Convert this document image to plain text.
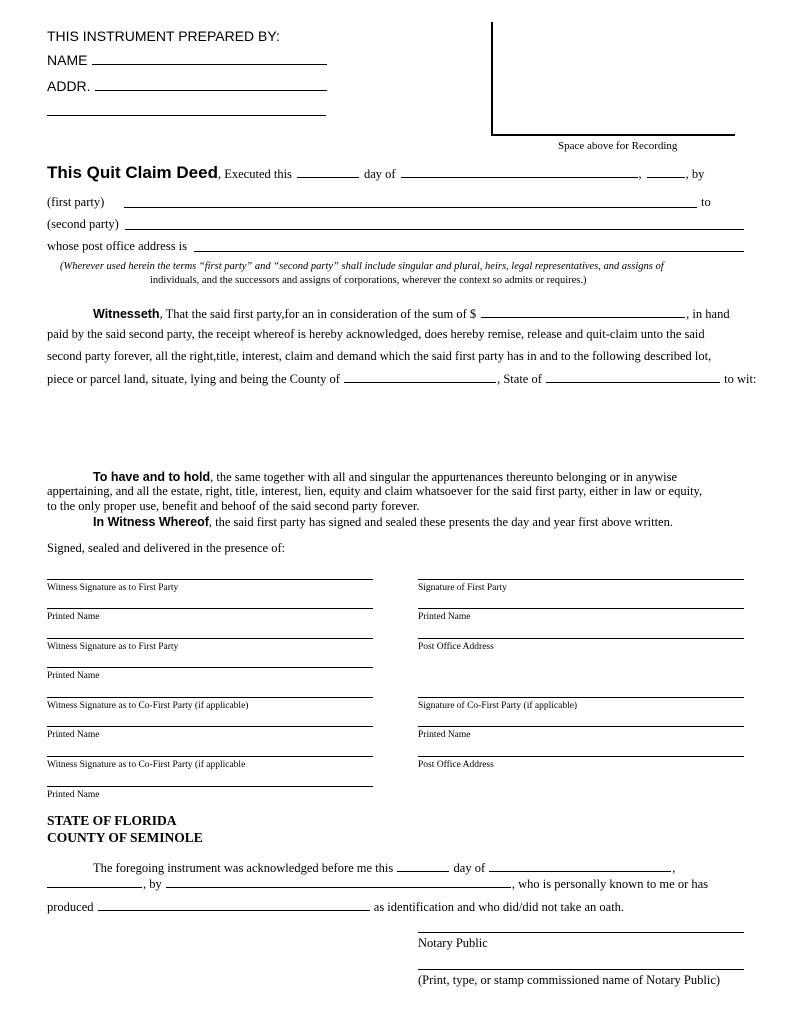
THIS INSTRUMENT PREPARED BY:
NAME
ADDR.
Space above for Recording
This Quit Claim Deed, Executed this	day of	,	, by
(first party)	to
(second party)
whose post office address is
(Wherever used herein the terms “first party” and “second party” shall include singular and plural, heirs, legal representatives, and assigns of
individuals, and the successors and assigns of corporations, wherever the context so admits or requires.)
Witnesseth, That the said first party,for an in consideration of the sum of $	, in hand
paid by the said second party, the receipt whereof is hereby acknowledged, does hereby remise, release and quit-claim unto the said
second party forever, all the right,title, interest, claim and demand which the said first party has in and to the following described lot,
piece or parcel land, situate, lying and being the County of	, State of	to wit:
To have and to hold, the same together with all and singular the appurtenances thereunto belonging or in anywise
appertaining, and all the estate, right, title, interest, lien, equity and claim whatsoever for the said first party, either in law or equity,
to the only proper use, benefit and behoof of the said second party forever.
In Witness Whereof, the said first party has signed and sealed these presents the day and year first above written.
Signed, sealed and delivered in the presence of:
Witness Signature as to First Party
Printed Name
Witness Signature as to First Party
Printed Name
Witness Signature as to Co-First Party (if applicable)
Printed Name
Witness Signature as to Co-First Party (if applicable
Printed Name
Signature of First Party
Printed Name
Post Office Address
Signature of Co-First Party (if applicable)
Printed Name
Post Office Address
STATE OF FLORIDA
COUNTY OF SEMINOLE
The foregoing instrument was acknowledged before me this	day of	,
, by	, who is personally known to me or has
produced	as identification and who did/did not take an oath.
Notary Public
(Print, type, or stamp commissioned name of Notary Public)
